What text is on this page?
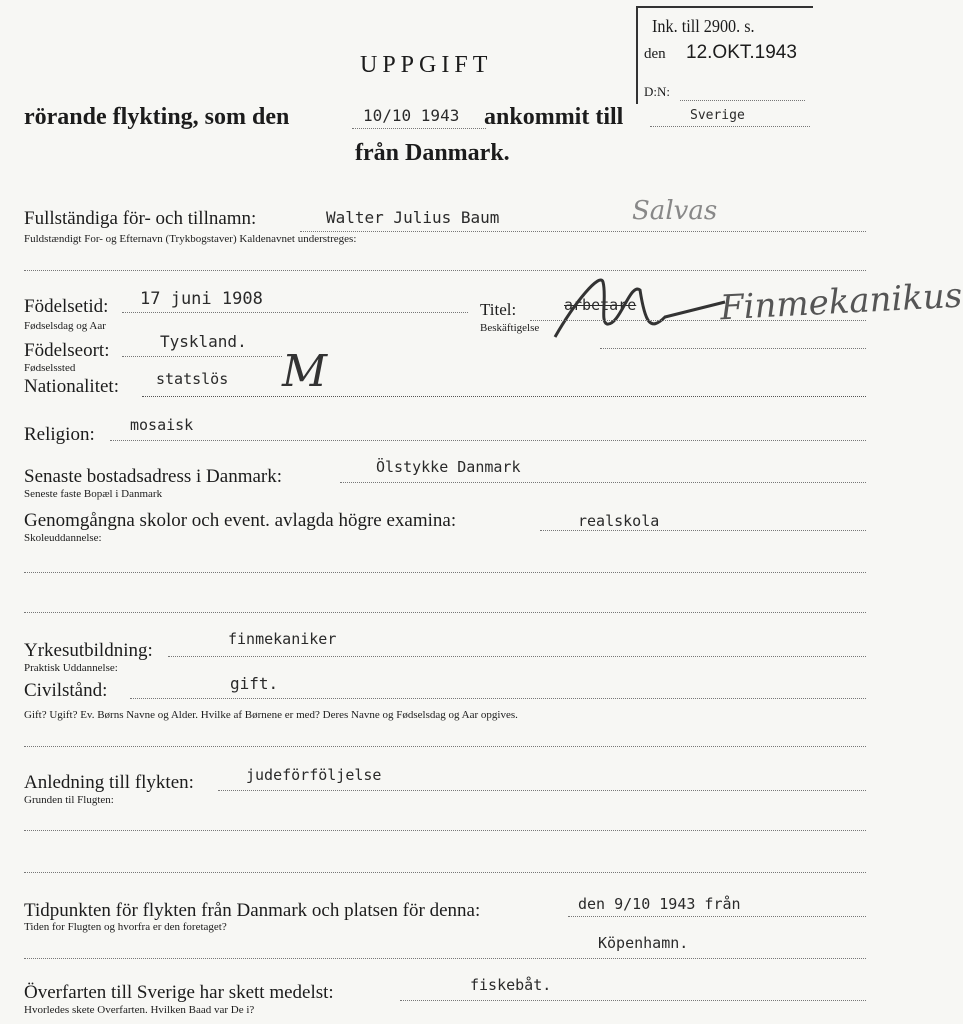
Ink. till 2900. s.
den 12.OKT.1943
D:N:
UPPGIFT
rörande flykting, som den	10/10 1943 ankommit till	Sverige
från Danmark.
Fullständiga för- och tillnamn:
Fuldstændigt For- og Efternavn (Trykbogstaver) Kaldenavnet understreges:
Walter Julius Baum	Salvas
Födelsetid:
Fødselsdag og Aar
17 juni 1908
Titel:
Beskäftigelse
arbetare Finmekanikus
Födelseort:
Fødselssted
Tyskland.
Nationalitet: statslös M
Religion: mosaisk
Senaste bostadsadress i Danmark:
Seneste faste Bopæl i Danmark
Ölstykke Danmark
Genomgångna skolor och event. avlagda högre examina:
Skoleuddannelse:
realskola
Yrkesutbildning:
Praktisk Uddannelse:
finmekaniker
Civilstånd:	gift.
Gift? Ugift? Ev. Børns Navne og Alder. Hvilke af Børnene er med? Deres Navne og Fødselsdag og Aar opgives.
Anledning till flykten:
Grunden til Flugten:
judeförföljelse
Tidpunkten för flykten från Danmark och platsen för denna:
Tiden for Flugten og hvorfra er den foretaget?
den 9/10 1943 från
Köpenhamn.
Överfarten till Sverige har skett medelst:
Hvorledes skete Overfarten. Hvilken Baad var De i?
fiskebåt.
